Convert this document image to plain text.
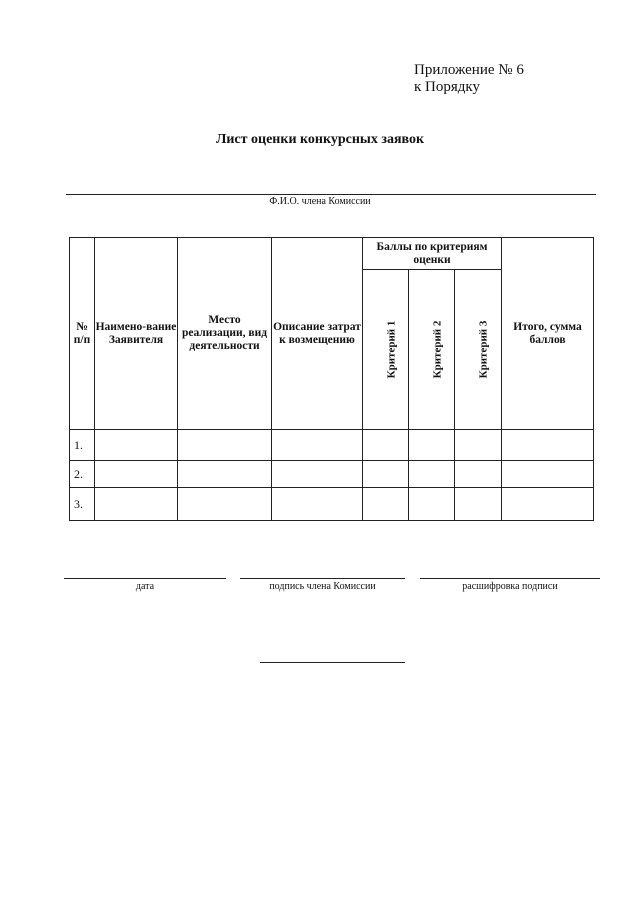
Приложение № 6
к Порядку
Лист оценки конкурсных заявок
Ф.И.О. члена Комиссии
№ п/п	Наимено-вание Заявителя	Место реализации, вид деятельности	Описание затрат к возмещению	Баллы по критериям оценки			Итого, сумма баллов
				Критерий 1	Критерий 2	Критерий 3	
1.							
2.							
3.							
дата	подпись члена Комиссии	расшифровка подписи
